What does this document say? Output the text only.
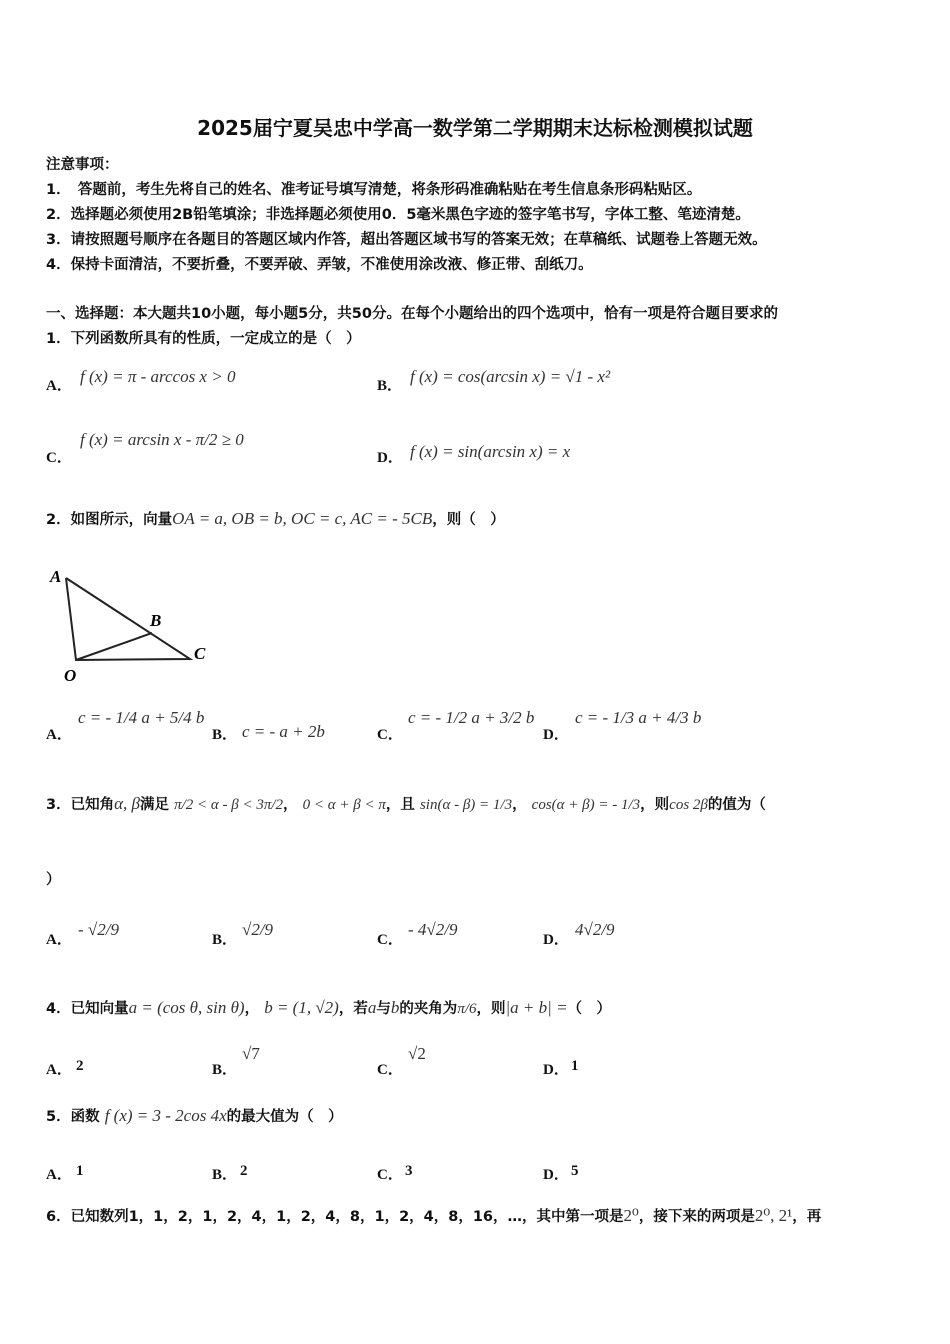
2025届宁夏吴忠中学高一数学第二学期期末达标检测模拟试题
注意事项：
1．　答题前，考生先将自己的姓名、准考证号填写清楚，将条形码准确粘贴在考生信息条形码粘贴区。
2．选择题必须使用2B铅笔填涂；非选择题必须使用0．5毫米黑色字迹的签字笔书写，字体工整、笔迹清楚。
3．请按照题号顺序在各题目的答题区域内作答，超出答题区域书写的答案无效；在草稿纸、试题卷上答题无效。
4．保持卡面清洁，不要折叠，不要弄破、弄皱，不准使用涂改液、修正带、刮纸刀。
一、选择题：本大题共10小题，每小题5分，共50分。在每个小题给出的四个选项中，恰有一项是符合题目要求的
1．下列函数所具有的性质，一定成立的是（　）
A． f (x) = π - arccos x > 0	B． f (x) = cos(arcsin x) = √1 - x²
C．
f (x) = arcsin x - π/2 ≥ 0
D． f (x) = sin(arcsin x) = x
2．如图所示，向量OA = a, OB = b, OC = c, AC = - 5CB，则（　）
A
B
C
O
A．
c = - 1/4 a + 5/4 b
B． c = - a + 2b	C．
c = - 1/2 a + 3/2 b
D．
c = - 1/3 a + 4/3 b
3．已知角α, β满足 π/2 < α - β < 3π/2， 0 < α + β < π，且 sin(α - β) = 1/3， cos(α + β) = - 1/3，则cos 2β的值为（
）
A．
- √2/9
B．
√2/9
C．
- 4√2/9
D．
4√2/9
4．已知向量a = (cos θ, sin θ)， b = (1, √2)，若a与b的夹角为π/6，则|a + b| =（　）
A． 2	B．
√7
C．
√2
D． 1
5．函数 f (x) = 3 - 2cos 4x的最大值为（　）
A． 1	B． 2	C． 3	D． 5
6．已知数列1，1，2，1，2，4，1，2，4，8，1，2，4，8，16，…，其中第一项是2⁰，接下来的两项是2⁰, 2¹，再
